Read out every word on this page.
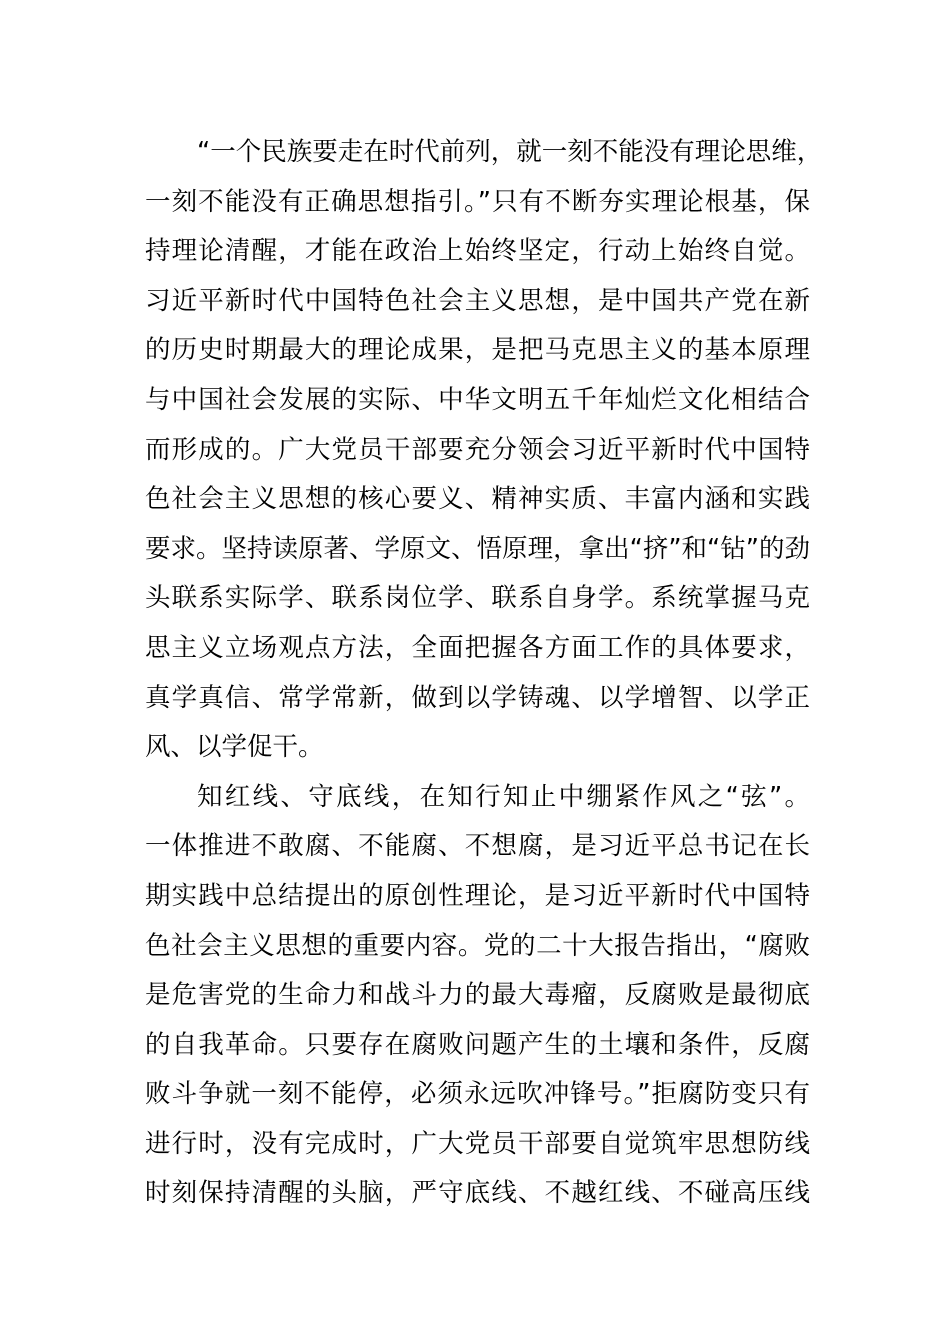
“一个民族要走在时代前列，就一刻不能没有理论思维，
一刻不能没有正确思想指引。”只有不断夯实理论根基，保
持理论清醒，才能在政治上始终坚定，行动上始终自觉。
习近平新时代中国特色社会主义思想，是中国共产党在新
的历史时期最大的理论成果，是把马克思主义的基本原理
与中国社会发展的实际、中华文明五千年灿烂文化相结合
而形成的。广大党员干部要充分领会习近平新时代中国特
色社会主义思想的核心要义、精神实质、丰富内涵和实践
要求。坚持读原著、学原文、悟原理，拿出“挤”和“钻”的劲
头联系实际学、联系岗位学、联系自身学。系统掌握马克
思主义立场观点方法，全面把握各方面工作的具体要求，
真学真信、常学常新，做到以学铸魂、以学增智、以学正
风、以学促干。
知红线、守底线，在知行知止中绷紧作风之“弦”。
一体推进不敢腐、不能腐、不想腐，是习近平总书记在长
期实践中总结提出的原创性理论，是习近平新时代中国特
色社会主义思想的重要内容。党的二十大报告指出，“腐败
是危害党的生命力和战斗力的最大毒瘤，反腐败是最彻底
的自我革命。只要存在腐败问题产生的土壤和条件，反腐
败斗争就一刻不能停，必须永远吹冲锋号。”拒腐防变只有
进行时，没有完成时，广大党员干部要自觉筑牢思想防线
时刻保持清醒的头脑，严守底线、不越红线、不碰高压线
